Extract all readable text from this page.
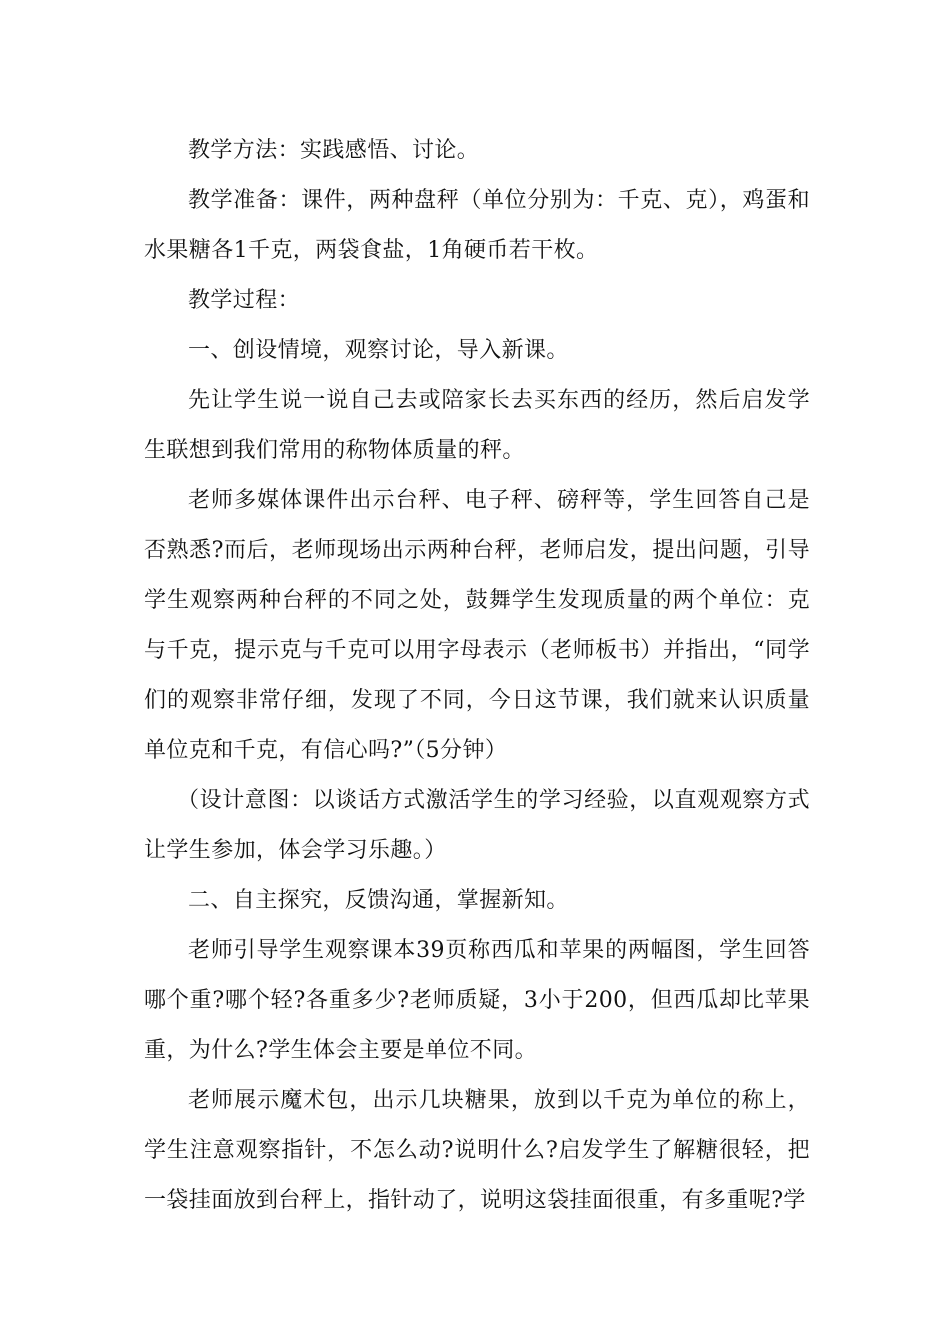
教学方法：实践感悟、讨论。

教学准备：课件，两种盘秤（单位分别为：千克、克），鸡蛋和水果糖各1千克，两袋食盐，1角硬币若干枚。

教学过程：

一、创设情境，观察讨论，导入新课。

先让学生说一说自己去或陪家长去买东西的经历，然后启发学生联想到我们常用的称物体质量的秤。

老师多媒体课件出示台秤、电子秤、磅秤等，学生回答自己是否熟悉?而后，老师现场出示两种台秤，老师启发，提出问题，引导学生观察两种台秤的不同之处，鼓舞学生发现质量的两个单位：克与千克，提示克与千克可以用字母表示（老师板书）并指出，“同学们的观察非常仔细，发现了不同，今日这节课，我们就来认识质量单位克和千克，有信心吗?”（5分钟）

（设计意图：以谈话方式激活学生的学习经验，以直观观察方式让学生参加，体会学习乐趣。）

二、自主探究，反馈沟通，掌握新知。

老师引导学生观察课本39页称西瓜和苹果的两幅图，学生回答哪个重?哪个轻?各重多少?老师质疑，3小于200，但西瓜却比苹果重，为什么?学生体会主要是单位不同。

老师展示魔术包，出示几块糖果，放到以千克为单位的称上，学生注意观察指针，不怎么动?说明什么?启发学生了解糖很轻，把一袋挂面放到台秤上，指针动了，说明这袋挂面很重，有多重呢?学
